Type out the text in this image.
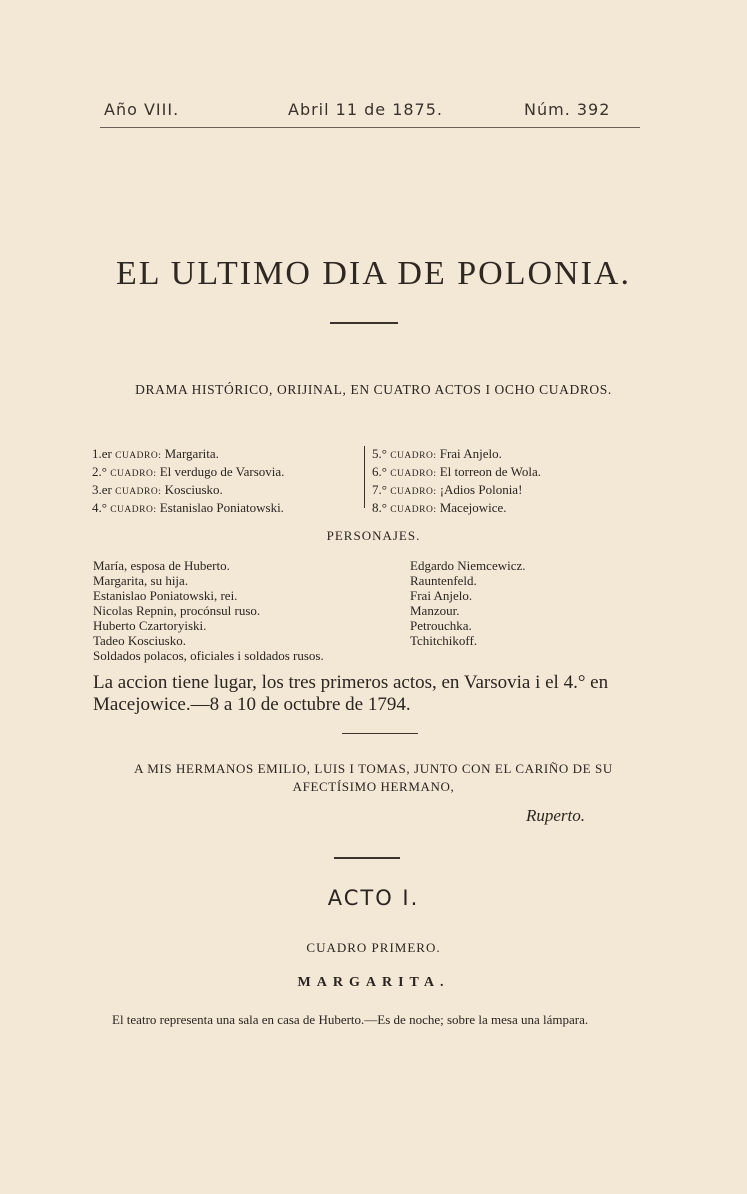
Año VIII.	Abril 11 de 1875.	Núm. 392
EL ULTIMO DIA DE POLONIA.
DRAMA HISTÓRICO, ORIJINAL, EN CUATRO ACTOS I OCHO CUADROS.
1.er CUADRO: Margarita.
2.° CUADRO: El verdugo de Varsovia.
3.er CUADRO: Kosciusko.
4.° CUADRO: Estanislao Poniatowski.
5.° CUADRO: Frai Anjelo.
6.° CUADRO: El torreon de Wola.
7.° CUADRO: ¡Adios Polonia!
8.° CUADRO: Macejowice.
PERSONAJES.
María, esposa de Huberto.
Margarita, su hija.
Estanislao Poniatowski, rei.
Nicolas Repnin, procónsul ruso.
Huberto Czartoryiski.
Tadeo Kosciusko.
Soldados polacos, oficiales i soldados rusos.
Edgardo Niemcewicz.
Rauntenfeld.
Frai Anjelo.
Manzour.
Petrouchka.
Tchitchikoff.
La accion tiene lugar, los tres primeros actos, en Varsovia i el 4.° en Macejowice.—8 a 10 de octubre de 1794.
A MIS HERMANOS EMILIO, LUIS I TOMAS, JUNTO CON EL CARIÑO DE SU
AFECTÍSIMO HERMANO,
Ruperto.
ACTO I.
CUADRO PRIMERO.
MARGARITA.
El teatro representa una sala en casa de Huberto.—Es de noche; sobre la mesa una lámpara.
